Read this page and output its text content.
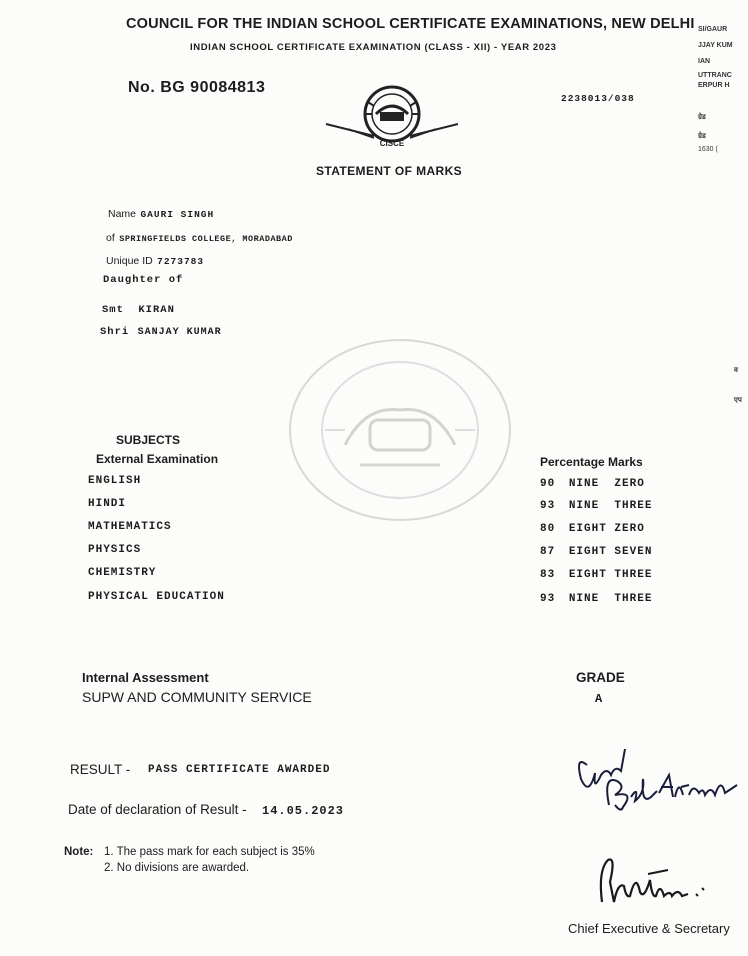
COUNCIL FOR THE INDIAN SCHOOL CERTIFICATE EXAMINATIONS, NEW DELHI
INDIAN SCHOOL CERTIFICATE EXAMINATION (CLASS - XII) - YEAR 2023
No. BG 90084813
2238013/038
CISCE
STATEMENT OF MARKS
Name GAURI SINGH
of SPRINGFIELDS COLLEGE, MORADABAD
Unique ID 7273783
Daughter of
Smt KIRAN
Shri SANJAY KUMAR
SUBJECTS
External Examination	Percentage Marks
ENGLISH
HINDI
MATHEMATICS
PHYSICS
CHEMISTRY
PHYSICAL EDUCATION
90 NINE  ZERO
93 NINE  THREE
80 EIGHT ZERO
87 EIGHT SEVEN
83 EIGHT THREE
93 NINE  THREE
Internal Assessment
SUPW AND COMMUNITY SERVICE
GRADE
A
RESULT - PASS CERTIFICATE AWARDED
Date of declaration of Result - 14.05.2023
Note: 1. The pass mark for each subject is 35%
2. No divisions are awarded.
Chief Executive & Secretary
SI/GAUR
JJAY KUM
IAN
UTTRANC
ERPUR H
ग्रेड
ग्रेड
1630 (
व
एप
